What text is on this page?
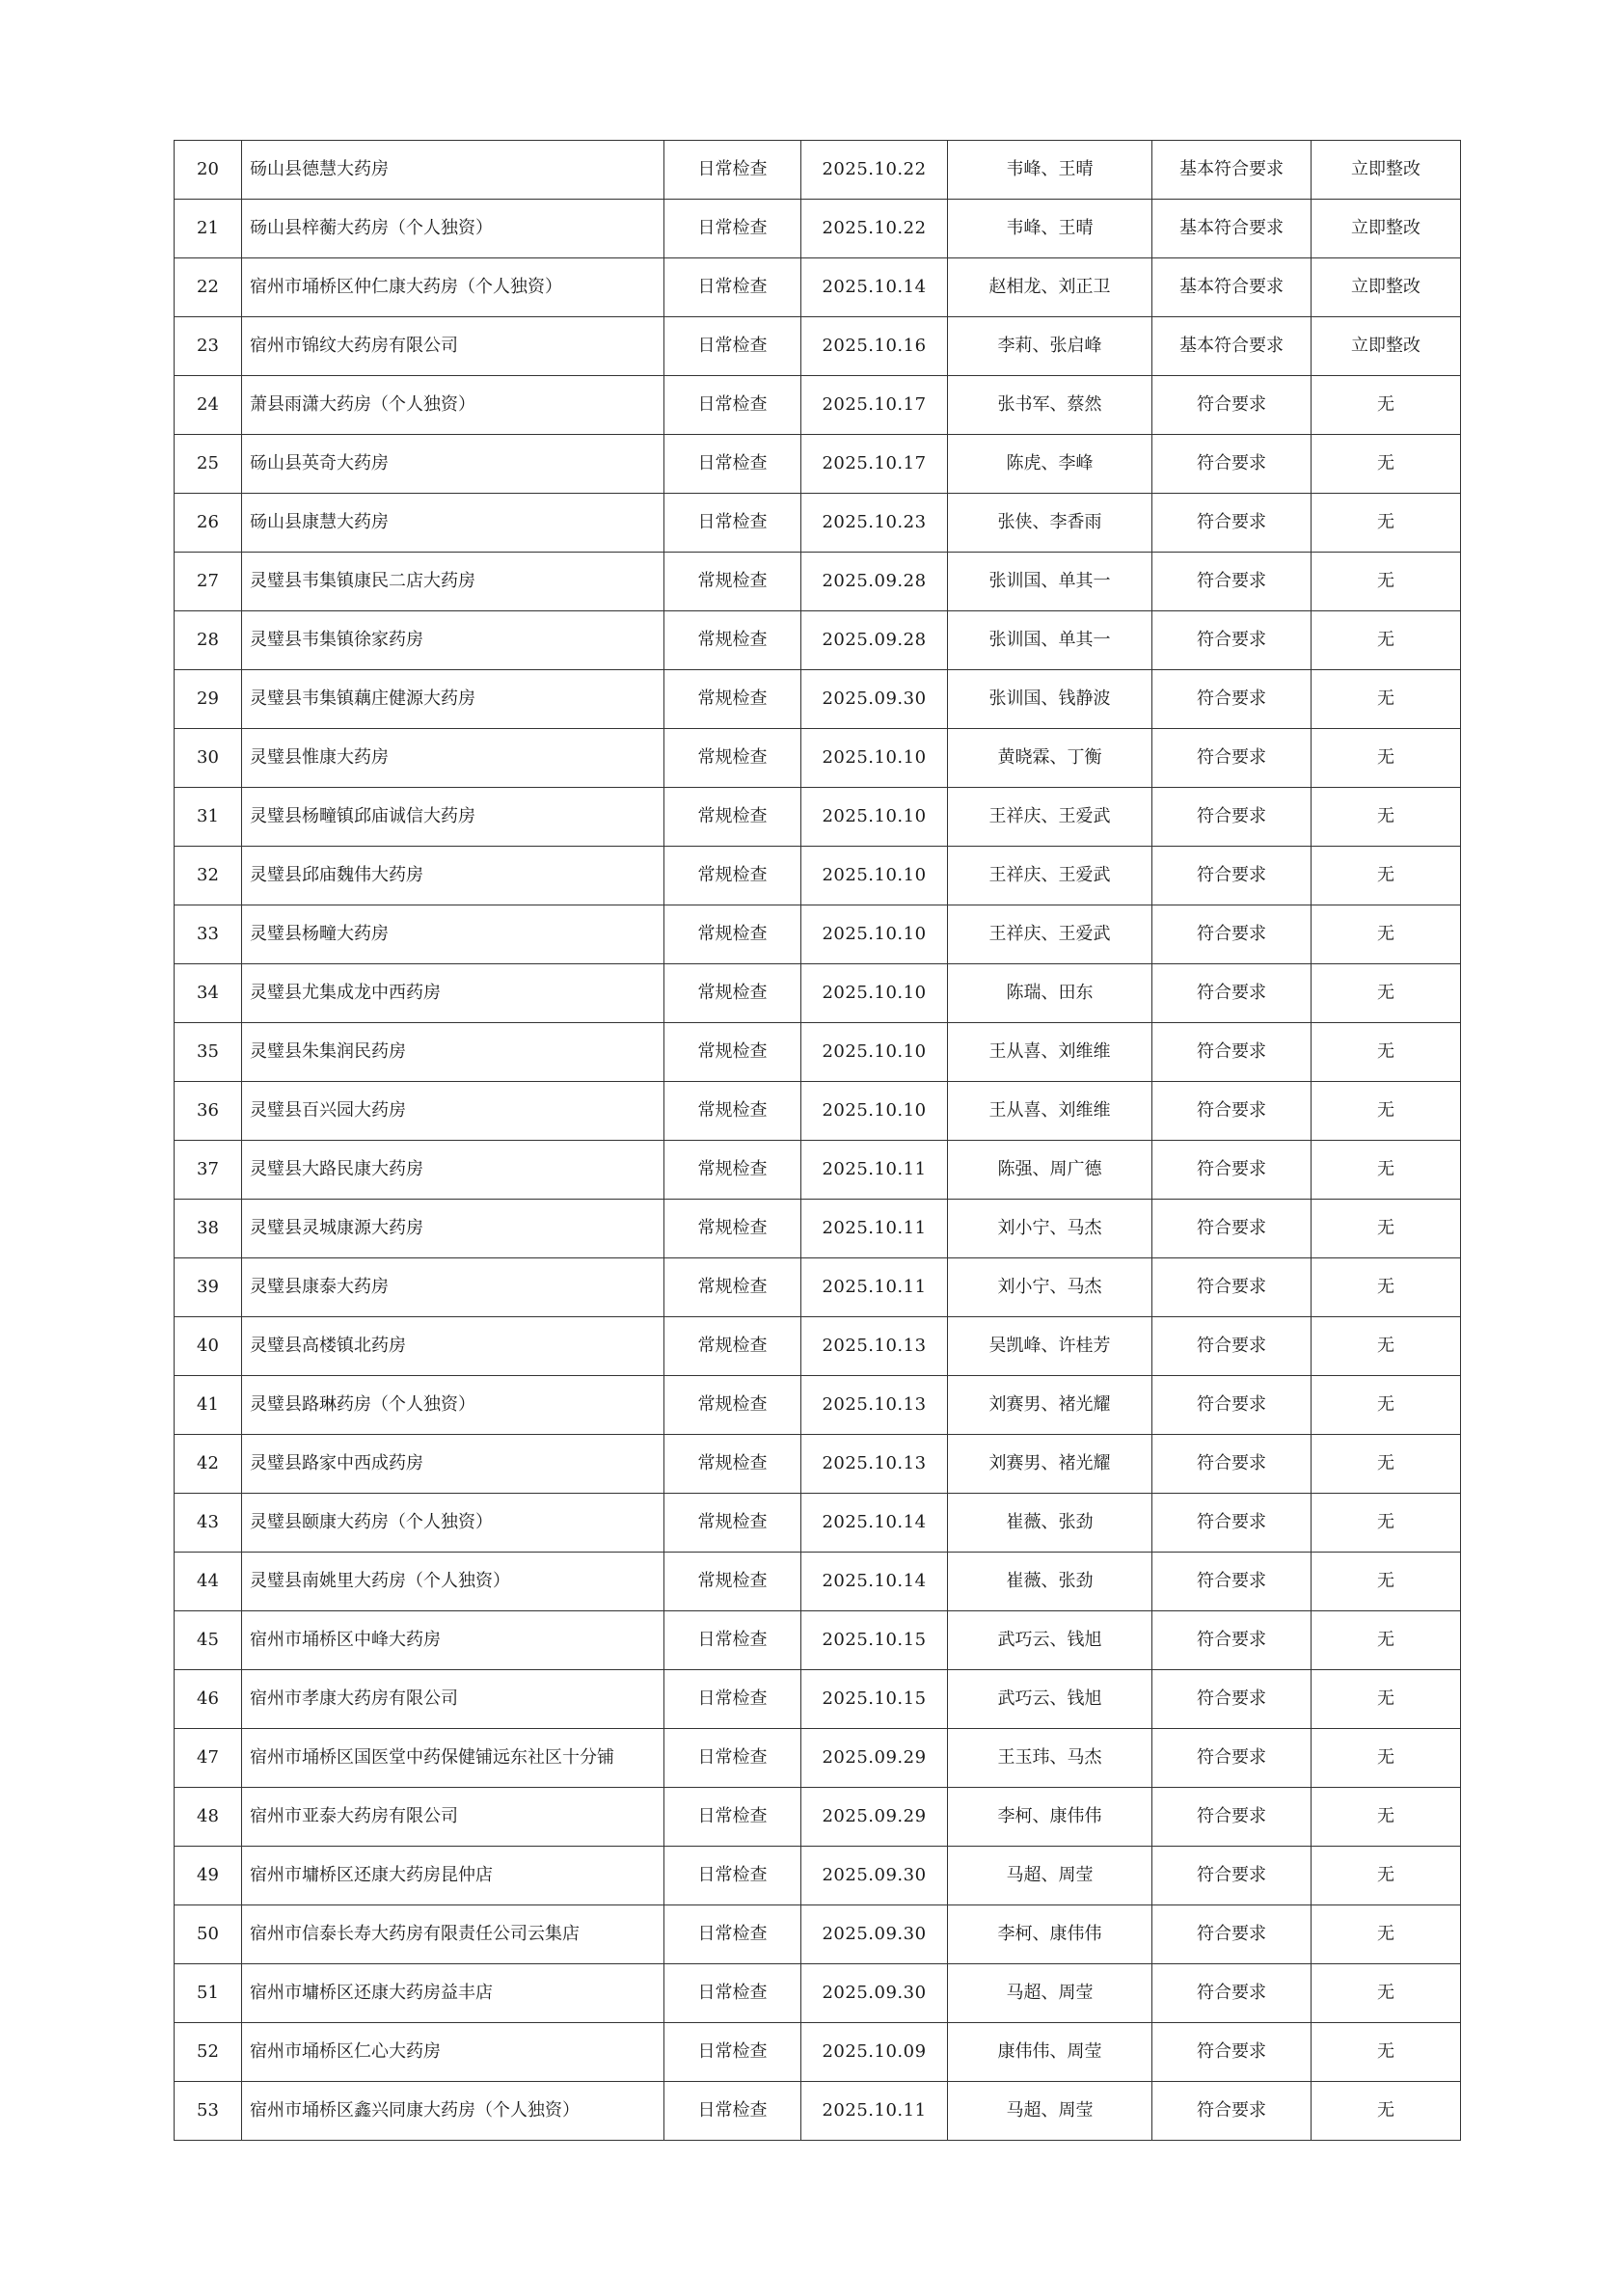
20	砀山县德慧大药房	日常检查	2025.10.22	韦峰、王晴	基本符合要求	立即整改
21	砀山县梓蘅大药房（个人独资）	日常检查	2025.10.22	韦峰、王晴	基本符合要求	立即整改
22	宿州市埇桥区仲仁康大药房（个人独资）	日常检查	2025.10.14	赵相龙、刘正卫	基本符合要求	立即整改
23	宿州市锦纹大药房有限公司	日常检查	2025.10.16	李莉、张启峰	基本符合要求	立即整改
24	萧县雨潇大药房（个人独资）	日常检查	2025.10.17	张书军、蔡然	符合要求	无
25	砀山县英奇大药房	日常检查	2025.10.17	陈虎、李峰	符合要求	无
26	砀山县康慧大药房	日常检查	2025.10.23	张侠、李香雨	符合要求	无
27	灵璧县韦集镇康民二店大药房	常规检查	2025.09.28	张训国、单其一	符合要求	无
28	灵璧县韦集镇徐家药房	常规检查	2025.09.28	张训国、单其一	符合要求	无
29	灵璧县韦集镇藕庄健源大药房	常规检查	2025.09.30	张训国、钱静波	符合要求	无
30	灵璧县惟康大药房	常规检查	2025.10.10	黄晓霖、丁衡	符合要求	无
31	灵璧县杨疃镇邱庙诚信大药房	常规检查	2025.10.10	王祥庆、王爱武	符合要求	无
32	灵璧县邱庙魏伟大药房	常规检查	2025.10.10	王祥庆、王爱武	符合要求	无
33	灵璧县杨疃大药房	常规检查	2025.10.10	王祥庆、王爱武	符合要求	无
34	灵璧县尤集成龙中西药房	常规检查	2025.10.10	陈瑞、田东	符合要求	无
35	灵璧县朱集润民药房	常规检查	2025.10.10	王从喜、刘维维	符合要求	无
36	灵璧县百兴园大药房	常规检查	2025.10.10	王从喜、刘维维	符合要求	无
37	灵璧县大路民康大药房	常规检查	2025.10.11	陈强、周广德	符合要求	无
38	灵璧县灵城康源大药房	常规检查	2025.10.11	刘小宁、马杰	符合要求	无
39	灵璧县康泰大药房	常规检查	2025.10.11	刘小宁、马杰	符合要求	无
40	灵璧县高楼镇北药房	常规检查	2025.10.13	吴凯峰、许桂芳	符合要求	无
41	灵璧县路琳药房（个人独资）	常规检查	2025.10.13	刘赛男、褚光耀	符合要求	无
42	灵璧县路家中西成药房	常规检查	2025.10.13	刘赛男、褚光耀	符合要求	无
43	灵璧县颐康大药房（个人独资）	常规检查	2025.10.14	崔薇、张劲	符合要求	无
44	灵璧县南姚里大药房（个人独资）	常规检查	2025.10.14	崔薇、张劲	符合要求	无
45	宿州市埇桥区中峰大药房	日常检查	2025.10.15	武巧云、钱旭	符合要求	无
46	宿州市孝康大药房有限公司	日常检查	2025.10.15	武巧云、钱旭	符合要求	无
47	宿州市埇桥区国医堂中药保健铺远东社区十分铺	日常检查	2025.09.29	王玉玮、马杰	符合要求	无
48	宿州市亚泰大药房有限公司	日常检查	2025.09.29	李柯、康伟伟	符合要求	无
49	宿州市墉桥区还康大药房昆仲店	日常检查	2025.09.30	马超、周莹	符合要求	无
50	宿州市信泰长寿大药房有限责任公司云集店	日常检查	2025.09.30	李柯、康伟伟	符合要求	无
51	宿州市墉桥区还康大药房益丰店	日常检查	2025.09.30	马超、周莹	符合要求	无
52	宿州市埇桥区仁心大药房	日常检查	2025.10.09	康伟伟、周莹	符合要求	无
53	宿州市埇桥区鑫兴同康大药房（个人独资）	日常检查	2025.10.11	马超、周莹	符合要求	无
